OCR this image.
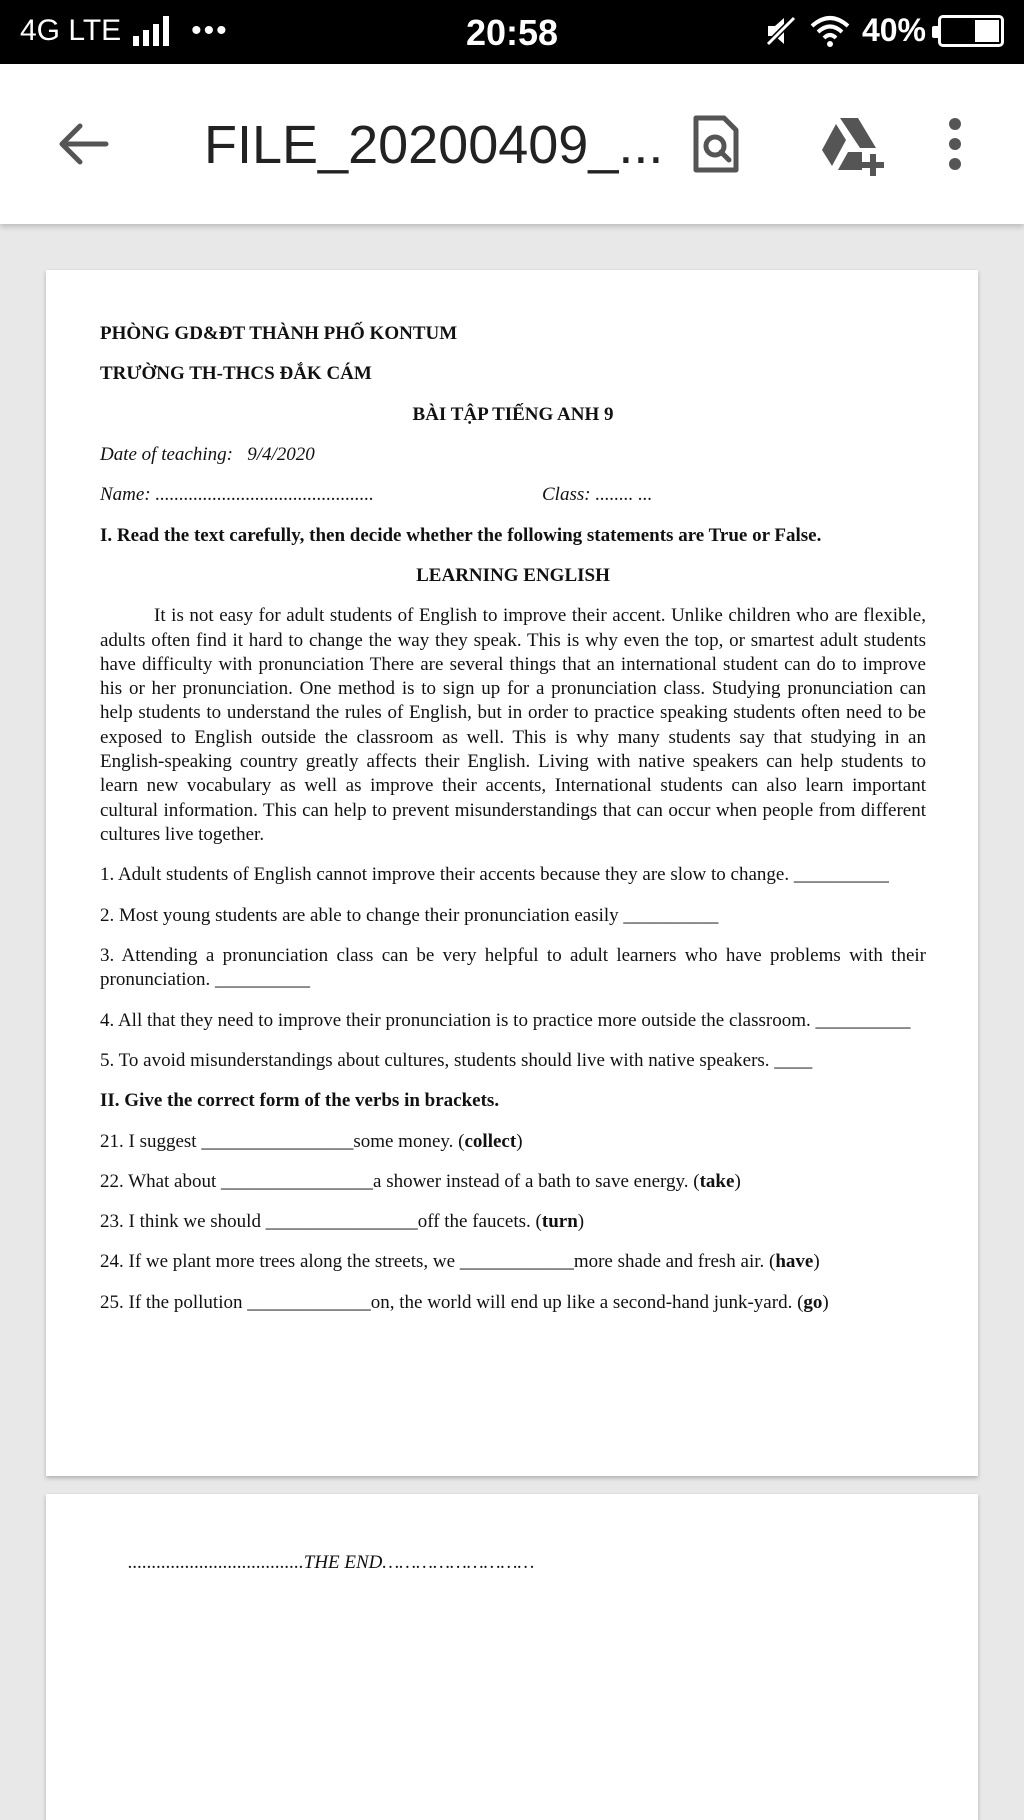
4G LTE •••	20:58	40%
FILE_20200409_...
PHÒNG GD&ĐT THÀNH PHỐ KONTUM
TRƯỜNG TH-THCS ĐẮK CÁM
BÀI TẬP TIẾNG ANH 9
Date of teaching: 9/4/2020
Name: ..............................................	Class: ........ ...
I. Read the text carefully, then decide whether the following statements are True or False.
LEARNING ENGLISH
It is not easy for adult students of English to improve their accent. Unlike children who are flexible, adults often find it hard to change the way they speak. This is why even the top, or smartest adult students have difficulty with pronunciation There are several things that an international student can do to improve his or her pronunciation. One method is to sign up for a pronunciation class. Studying pronunciation can help students to understand the rules of English, but in order to practice speaking students often need to be exposed to English outside the classroom as well. This is why many students say that studying in an English-speaking country greatly affects their English. Living with native speakers can help students to learn new vocabulary as well as improve their accents, International students can also learn important cultural information. This can help to prevent misunderstandings that can occur when people from different cultures live together.
1. Adult students of English cannot improve their accents because they are slow to change. __________
2. Most young students are able to change their pronunciation easily __________
3. Attending a pronunciation class can be very helpful to adult learners who have problems with their pronunciation. __________
4. All that they need to improve their pronunciation is to practice more outside the classroom. __________
5. To avoid misunderstandings about cultures, students should live with native speakers. ____
II. Give the correct form of the verbs in brackets.
21. I suggest ________________some money. (collect)
22. What about ________________a shower instead of a bath to save energy. (take)
23. I think we should ________________off the faucets. (turn)
24. If we plant more trees along the streets, we ____________more shade and fresh air. (have)
25. If the pollution _____________on, the world will end up like a second-hand junk-yard. (go)
.....................................THE END………………………
